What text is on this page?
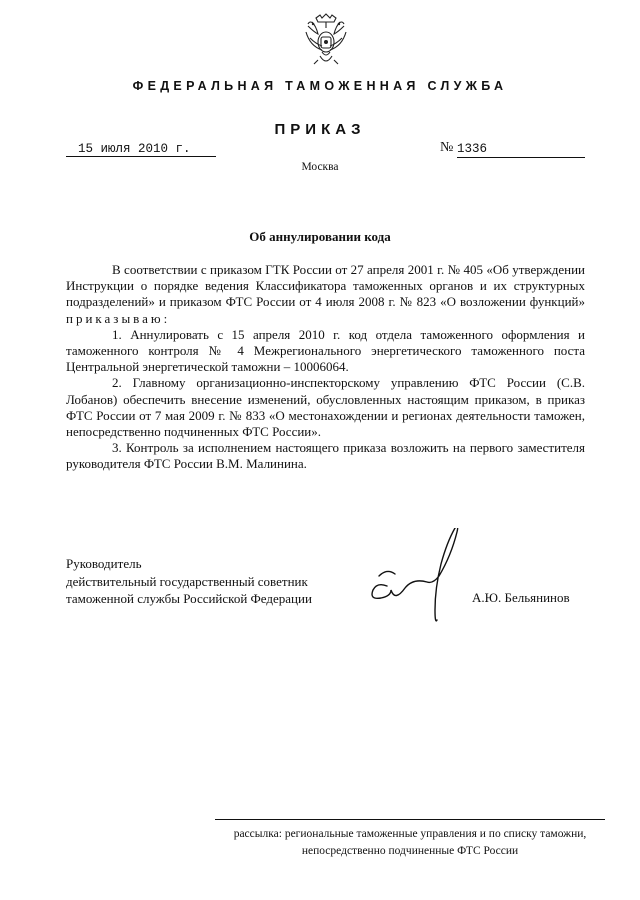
ФЕДЕРАЛЬНАЯ ТАМОЖЕННАЯ СЛУЖБА
ПРИКАЗ
15 июля 2010 г.	№ 1336
Москва
Об аннулировании кода

В соответствии с приказом ГТК России от 27 апреля 2001 г. № 405 «Об утверждении Инструкции о порядке ведения Классификатора таможенных органов и их структурных подразделений» и приказом ФТС России от 4 июля 2008 г. № 823 «О возложении функций» приказываю:

1. Аннулировать с 15 апреля 2010 г. код отдела таможенного оформления и таможенного контроля № 4 Межрегионального энергетического таможенного поста Центральной энергетической таможни – 10006064.

2. Главному организационно-инспекторскому управлению ФТС России (С.В. Лобанов) обеспечить внесение изменений, обусловленных настоящим приказом, в приказ ФТС России от 7 мая 2009 г. № 833 «О местонахождении и регионах деятельности таможен, непосредственно подчиненных ФТС России».

3. Контроль за исполнением настоящего приказа возложить на первого заместителя руководителя ФТС России В.М. Малинина.

Руководитель
действительный государственный советник
таможенной службы Российской Федерации	А.Ю. Бельянинов
рассылка: региональные таможенные управления и по списку таможни,
непосредственно подчиненные ФТС России
